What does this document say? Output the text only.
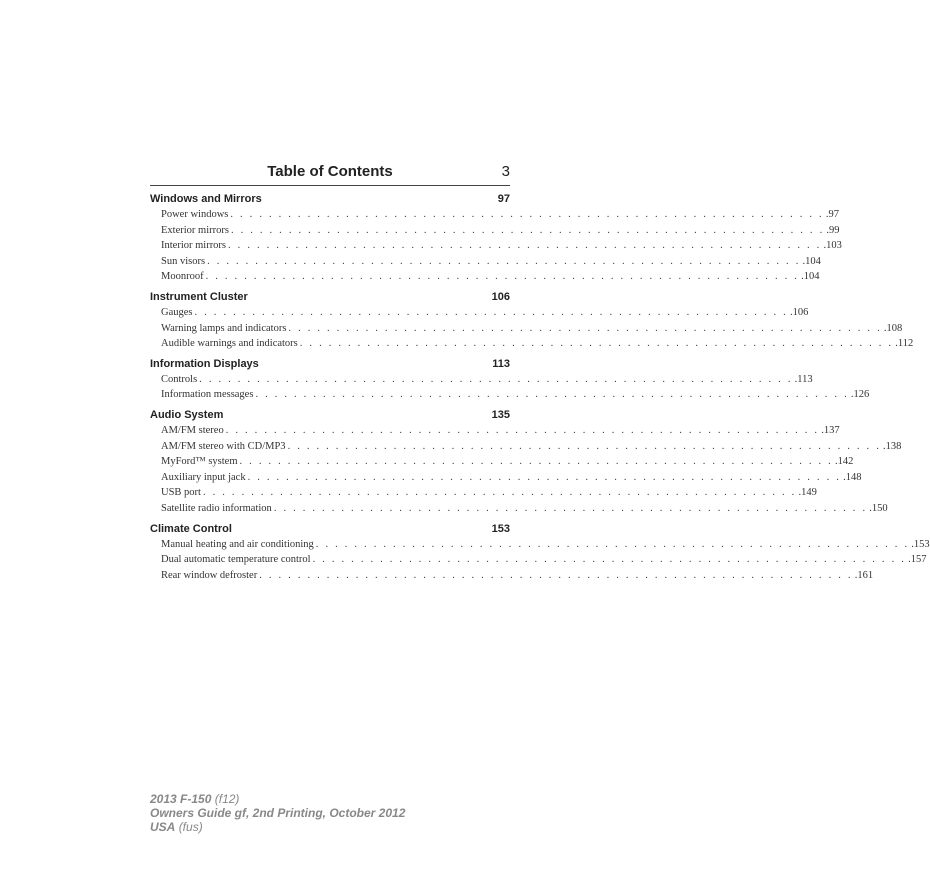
Table of Contents	3
Windows and Mirrors	97
Power windows . . . . . . . . . . . . . . . . . . . . . . . . . . . . . . . . . . . . . . . . . . . . . . . . . . . . . . . . . . . . . . .97
Exterior mirrors . . . . . . . . . . . . . . . . . . . . . . . . . . . . . . . . . . . . . . . . . . . . . . . . . . . . . . . . . . . . . . .99
Interior mirrors . . . . . . . . . . . . . . . . . . . . . . . . . . . . . . . . . . . . . . . . . . . . . . . . . . . . . . . . . . . . . . .103
Sun visors . . . . . . . . . . . . . . . . . . . . . . . . . . . . . . . . . . . . . . . . . . . . . . . . . . . . . . . . . . . . . . .104
Moonroof . . . . . . . . . . . . . . . . . . . . . . . . . . . . . . . . . . . . . . . . . . . . . . . . . . . . . . . . . . . . . . .104
Instrument Cluster	106
Gauges . . . . . . . . . . . . . . . . . . . . . . . . . . . . . . . . . . . . . . . . . . . . . . . . . . . . . . . . . . . . . . .106
Warning lamps and indicators . . . . . . . . . . . . . . . . . . . . . . . . . . . . . . . . . . . . . . . . . . . . . . . . . . . . . . . . . . . . . . .108
Audible warnings and indicators . . . . . . . . . . . . . . . . . . . . . . . . . . . . . . . . . . . . . . . . . . . . . . . . . . . . . . . . . . . . . . .112
Information Displays	113
Controls . . . . . . . . . . . . . . . . . . . . . . . . . . . . . . . . . . . . . . . . . . . . . . . . . . . . . . . . . . . . . . .113
Information messages . . . . . . . . . . . . . . . . . . . . . . . . . . . . . . . . . . . . . . . . . . . . . . . . . . . . . . . . . . . . . . .126
Audio System	135
AM/FM stereo . . . . . . . . . . . . . . . . . . . . . . . . . . . . . . . . . . . . . . . . . . . . . . . . . . . . . . . . . . . . . . .137
AM/FM stereo with CD/MP3 . . . . . . . . . . . . . . . . . . . . . . . . . . . . . . . . . . . . . . . . . . . . . . . . . . . . . . . . . . . . . . .138
MyFord™ system . . . . . . . . . . . . . . . . . . . . . . . . . . . . . . . . . . . . . . . . . . . . . . . . . . . . . . . . . . . . . . .142
Auxiliary input jack . . . . . . . . . . . . . . . . . . . . . . . . . . . . . . . . . . . . . . . . . . . . . . . . . . . . . . . . . . . . . . .148
USB port . . . . . . . . . . . . . . . . . . . . . . . . . . . . . . . . . . . . . . . . . . . . . . . . . . . . . . . . . . . . . . .149
Satellite radio information . . . . . . . . . . . . . . . . . . . . . . . . . . . . . . . . . . . . . . . . . . . . . . . . . . . . . . . . . . . . . . .150
Climate Control	153
Manual heating and air conditioning . . . . . . . . . . . . . . . . . . . . . . . . . . . . . . . . . . . . . . . . . . . . . . . . . . . . . . . . . . . . . . .153
Dual automatic temperature control . . . . . . . . . . . . . . . . . . . . . . . . . . . . . . . . . . . . . . . . . . . . . . . . . . . . . . . . . . . . . . .157
Rear window defroster . . . . . . . . . . . . . . . . . . . . . . . . . . . . . . . . . . . . . . . . . . . . . . . . . . . . . . . . . . . . . . .161
2013 F-150 (f12)
Owners Guide gf, 2nd Printing, October 2012
USA (fus)
